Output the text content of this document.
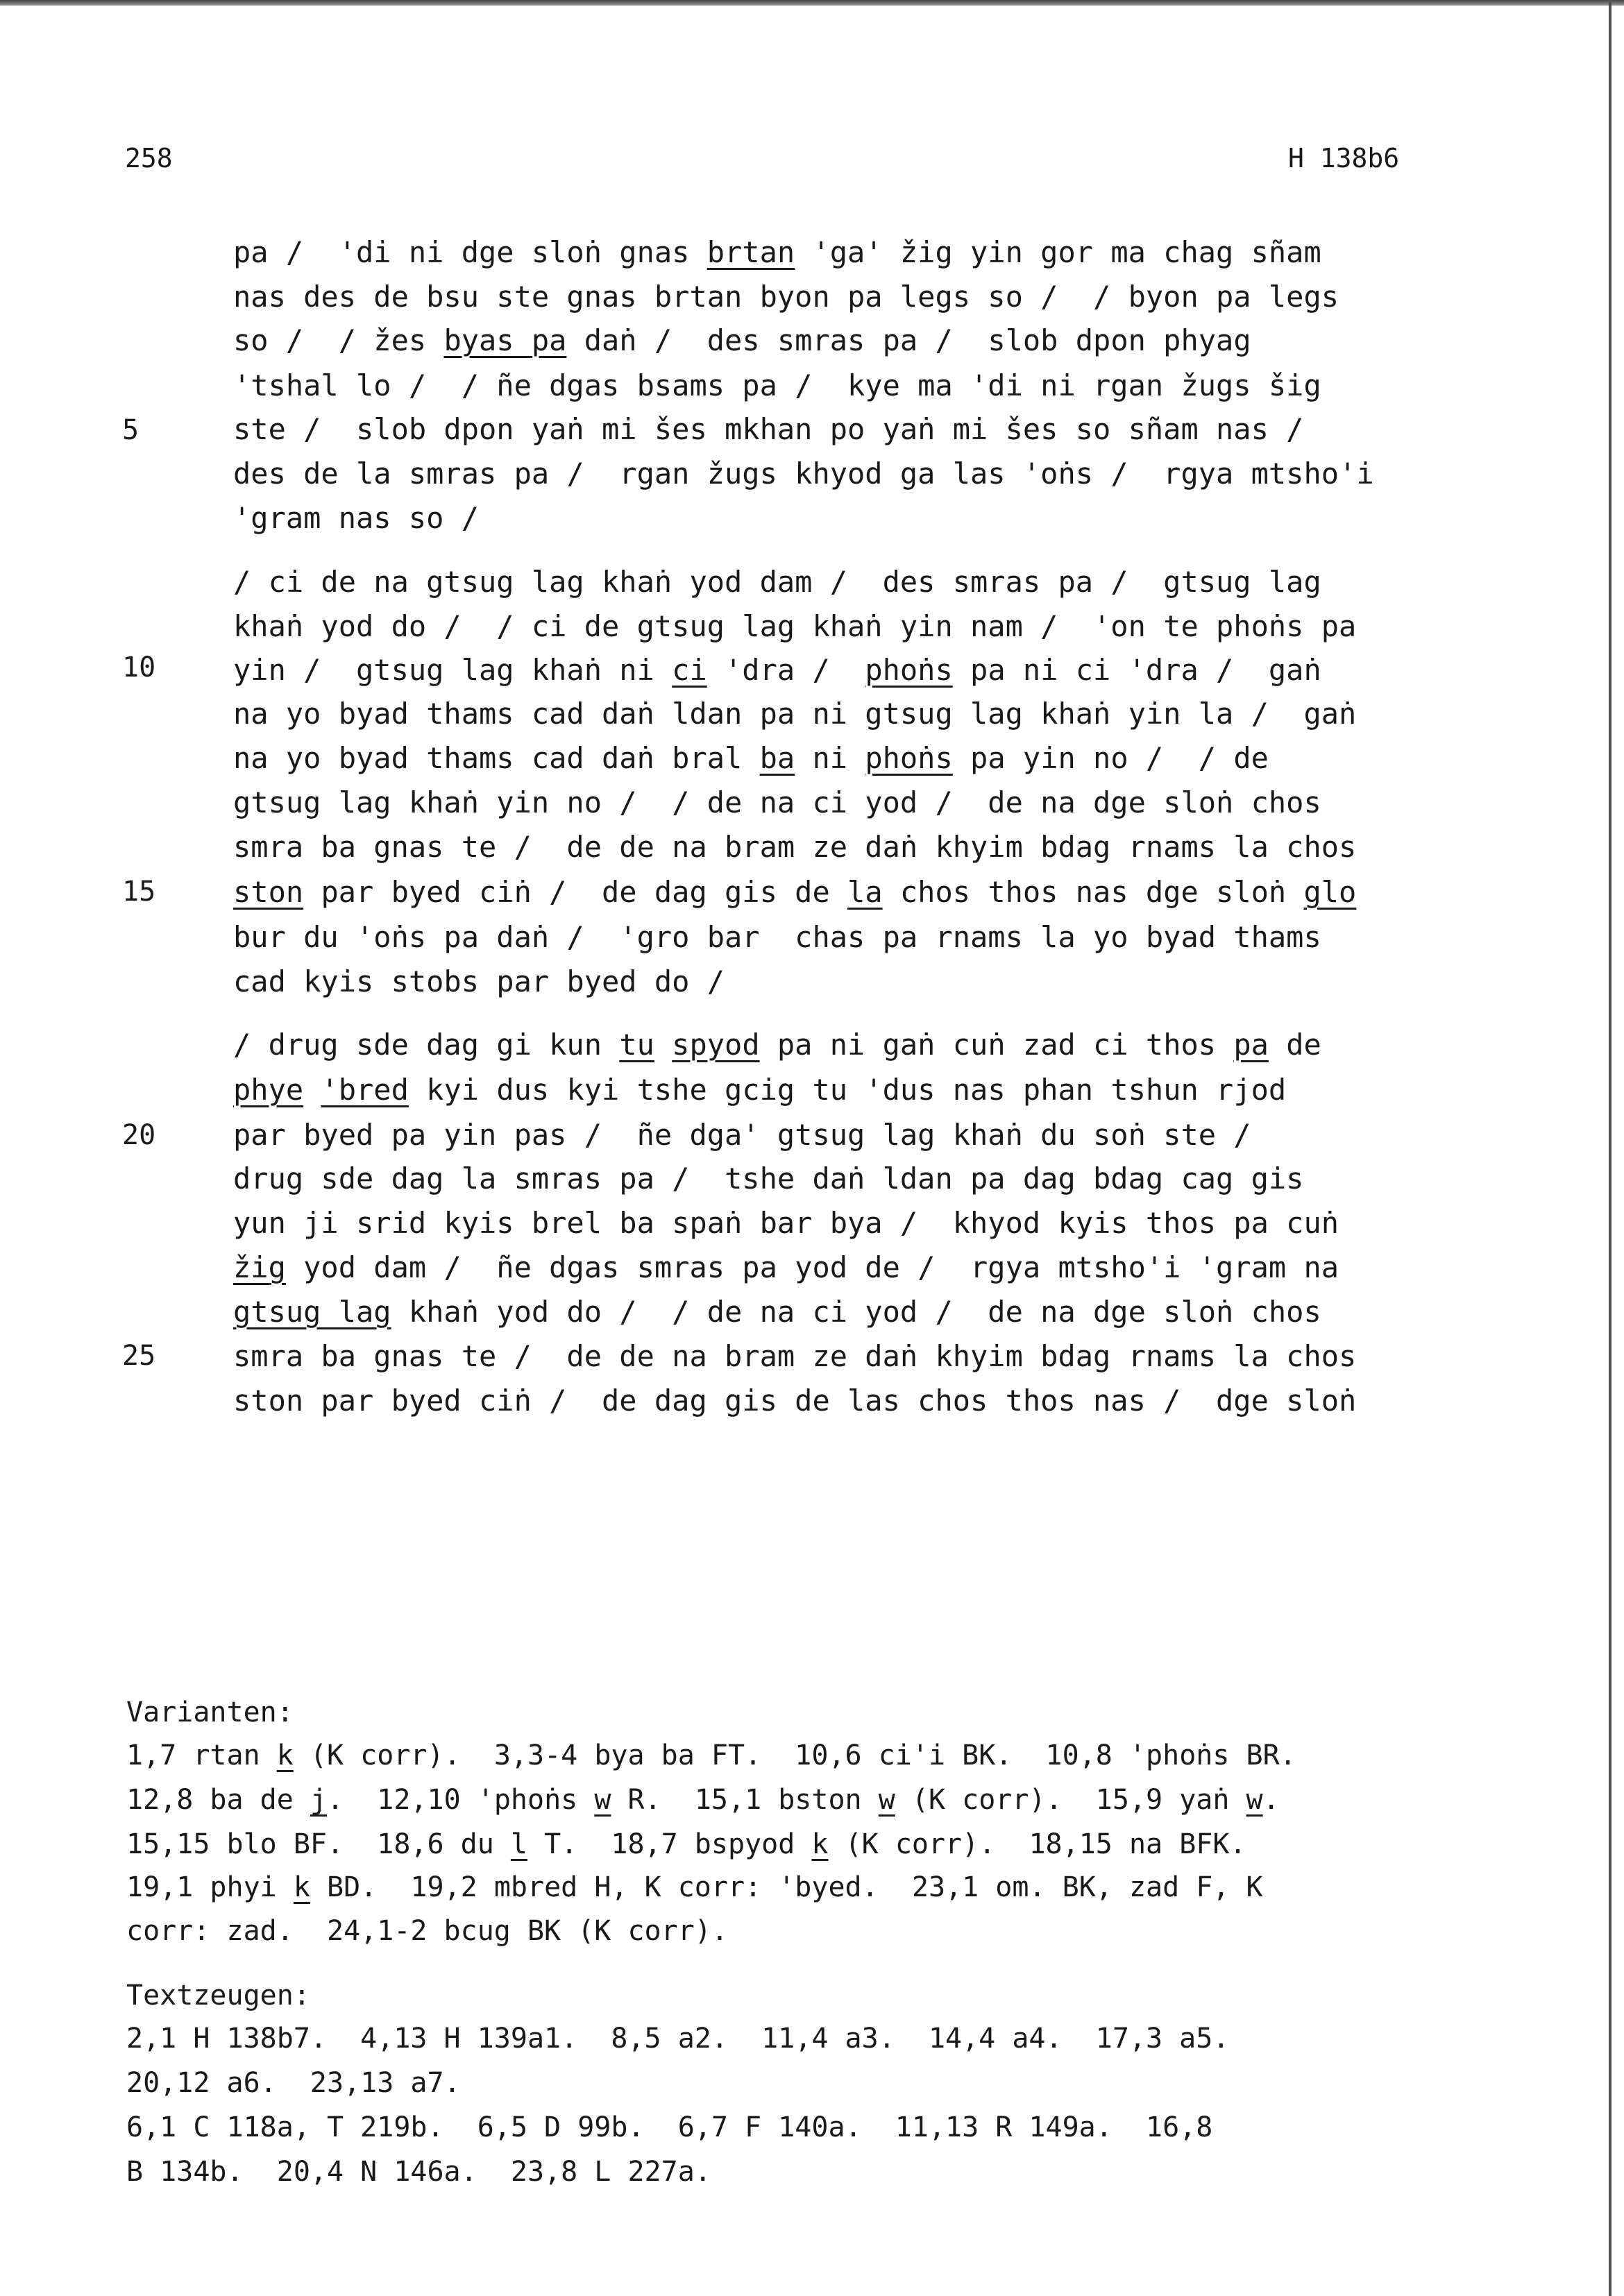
258	H 138b6
pa /  'di ni dge sloṅ gnas brtan 'ga' žig yin gor ma chag sñam
nas des de bsu ste gnas brtan byon pa legs so /  / byon pa legs
so /  / žes byas pa daṅ /  des smras pa /  slob dpon phyag
'tshal lo /  / ñe dgas bsams pa /  kye ma 'di ni rgan žugs šig
ste /  slob dpon yaṅ mi šes mkhan po yaṅ mi šes so sñam nas /
des de la smras pa /  rgan žugs khyod ga las 'oṅs /  rgya mtsho'i
'gram nas so /
/ ci de na gtsug lag khaṅ yod dam /  des smras pa /  gtsug lag
khaṅ yod do /  / ci de gtsug lag khaṅ yin nam /  'on te phoṅs pa
yin /  gtsug lag khaṅ ni ci 'dra /  phoṅs pa ni ci 'dra /  gaṅ
na yo byad thams cad daṅ ldan pa ni gtsug lag khaṅ yin la /  gaṅ
na yo byad thams cad daṅ bral ba ni phoṅs pa yin no /  / de
gtsug lag khaṅ yin no /  / de na ci yod /  de na dge sloṅ chos
smra ba gnas te /  de de na bram ze daṅ khyim bdag rnams la chos
ston par byed ciṅ /  de dag gis de la chos thos nas dge sloṅ glo
bur du 'oṅs pa daṅ /  'gro bar  chas pa rnams la yo byad thams
cad kyis stobs par byed do /
/ drug sde dag gi kun tu spyod pa ni gaṅ cuṅ zad ci thos pa de
phye 'bred kyi dus kyi tshe gcig tu 'dus nas phan tshun rjod
par byed pa yin pas /  ñe dga' gtsug lag khaṅ du soṅ ste /
drug sde dag la smras pa /  tshe daṅ ldan pa dag bdag cag gis
yun ji srid kyis brel ba spaṅ bar bya /  khyod kyis thos pa cuṅ
žig yod dam /  ñe dgas smras pa yod de /  rgya mtsho'i 'gram na
gtsug lag khaṅ yod do /  / de na ci yod /  de na dge sloṅ chos
smra ba gnas te /  de de na bram ze daṅ khyim bdag rnams la chos
ston par byed ciṅ /  de dag gis de las chos thos nas /  dge sloṅ
5
10
15
20
25
Varianten:
1,7 rtan k (K corr).  3,3-4 bya ba FT.  10,6 ci'i BK.  10,8 'phoṅs BR.
12,8 ba de j.  12,10 'phoṅs w R.  15,1 bston w (K corr).  15,9 yaṅ w.
15,15 blo BF.  18,6 du l T.  18,7 bspyod k (K corr).  18,15 na BFK.
19,1 phyi k BD.  19,2 mbred H, K corr: 'byed.  23,1 om. BK, zad F, K
corr: zad.  24,1-2 bcug BK (K corr).
Textzeugen:
2,1 H 138b7.  4,13 H 139a1.  8,5 a2.  11,4 a3.  14,4 a4.  17,3 a5.
20,12 a6.  23,13 a7.
6,1 C 118a, T 219b.  6,5 D 99b.  6,7 F 140a.  11,13 R 149a.  16,8
B 134b.  20,4 N 146a.  23,8 L 227a.
